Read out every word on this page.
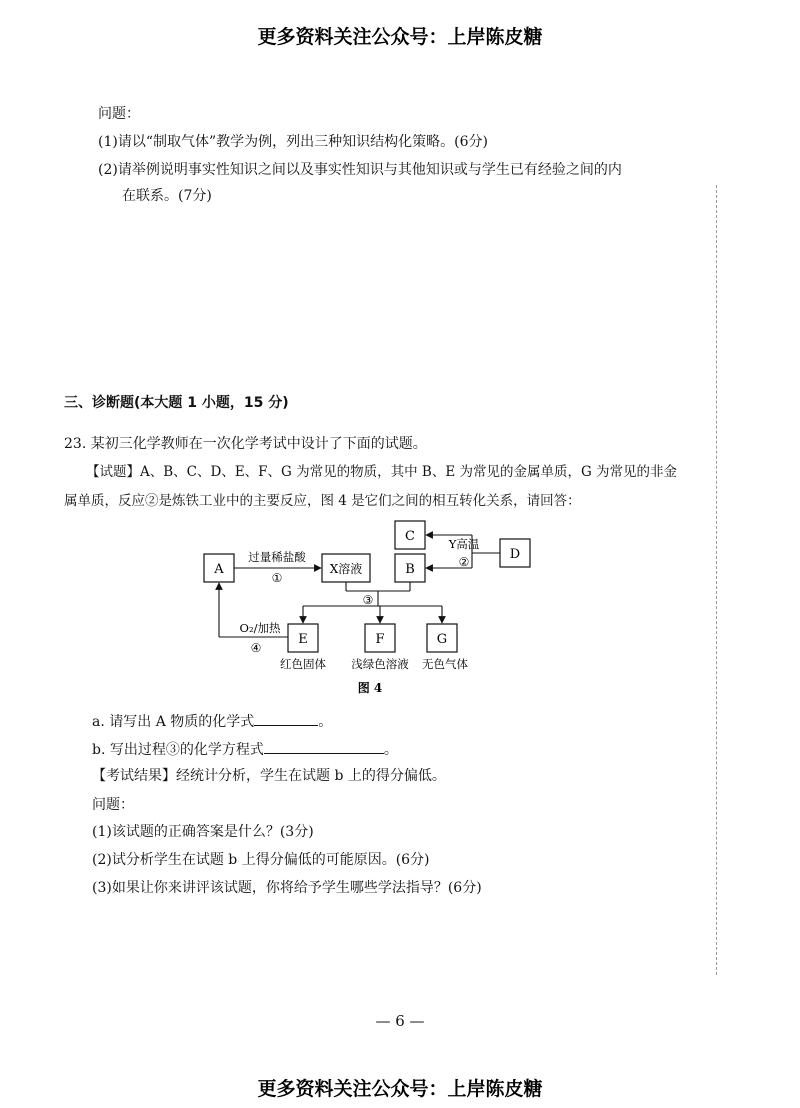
更多资料关注公众号：上岸陈皮糖
问题：
(1)请以“制取气体”教学为例，列出三种知识结构化策略。(6分)
(2)请举例说明事实性知识之间以及事实性知识与其他知识或与学生已有经验之间的内
在联系。(7分)
三、诊断题(本大题 1 小题，15 分)
23. 某初三化学教师在一次化学考试中设计了下面的试题。
【试题】A、B、C、D、E、F、G 为常见的物质，其中 B、E 为常见的金属单质，G 为常见的非金
属单质，反应②是炼铁工业中的主要反应，图 4 是它们之间的相互转化关系，请回答：
A	X溶液	B
C
D
E	F	G
过量稀盐酸
①
Y高温
②
③
O₂/加热
④
红色固体 浅绿色溶液 无色气体
图 4
a. 请写出 A 物质的化学式	。
b. 写出过程③的化学方程式	。
【考试结果】经统计分析，学生在试题 b 上的得分偏低。
问题：
(1)该试题的正确答案是什么？(3分)
(2)试分析学生在试题 b 上得分偏低的可能原因。(6分)
(3)如果让你来讲评该试题，你将给予学生哪些学法指导？(6分)
— 6 —
更多资料关注公众号：上岸陈皮糖
